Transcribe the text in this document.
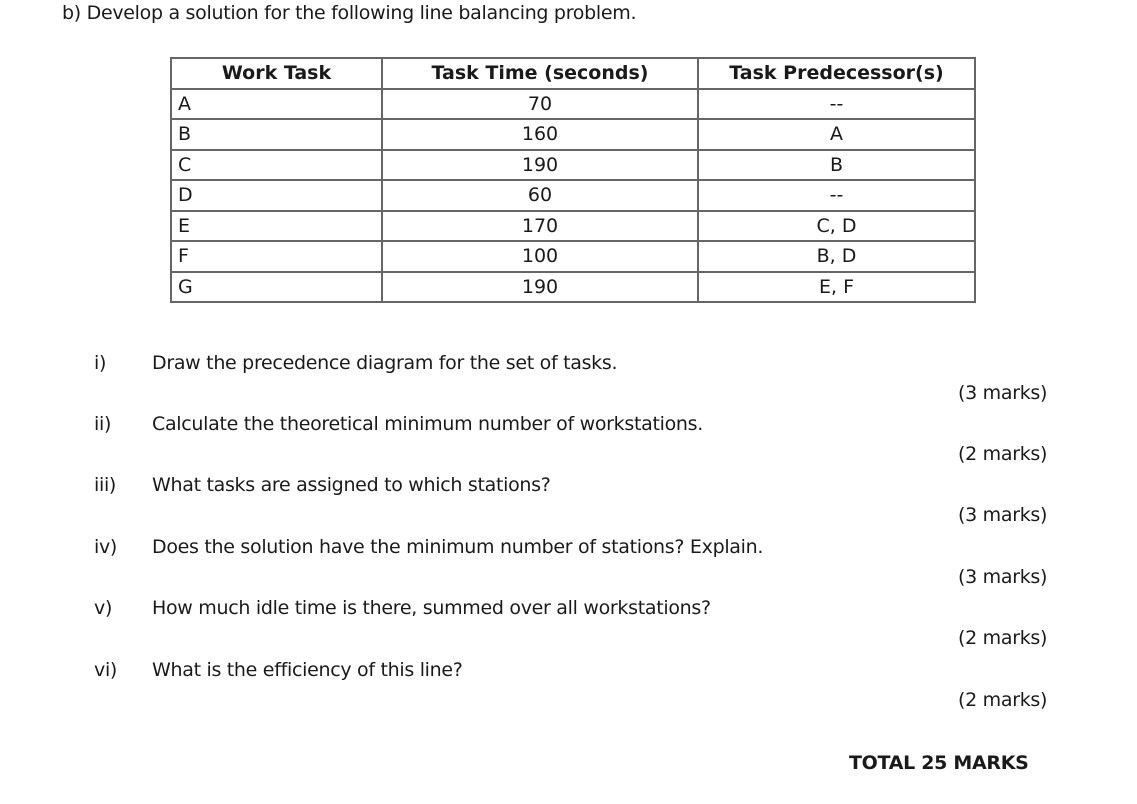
b) Develop a solution for the following line balancing problem.
Work Task	Task Time (seconds)	Task Predecessor(s)
A	70	--
B	160	A
C	190	B
D	60	--
E	170	C, D
F	100	B, D
G	190	E, F
i) Draw the precedence diagram for the set of tasks.
(3 marks)
ii) Calculate the theoretical minimum number of workstations.
(2 marks)
iii) What tasks are assigned to which stations?
(3 marks)
iv) Does the solution have the minimum number of stations? Explain.
(3 marks)
v) How much idle time is there, summed over all workstations?
(2 marks)
vi) What is the efficiency of this line?
(2 marks)
TOTAL 25 MARKS
